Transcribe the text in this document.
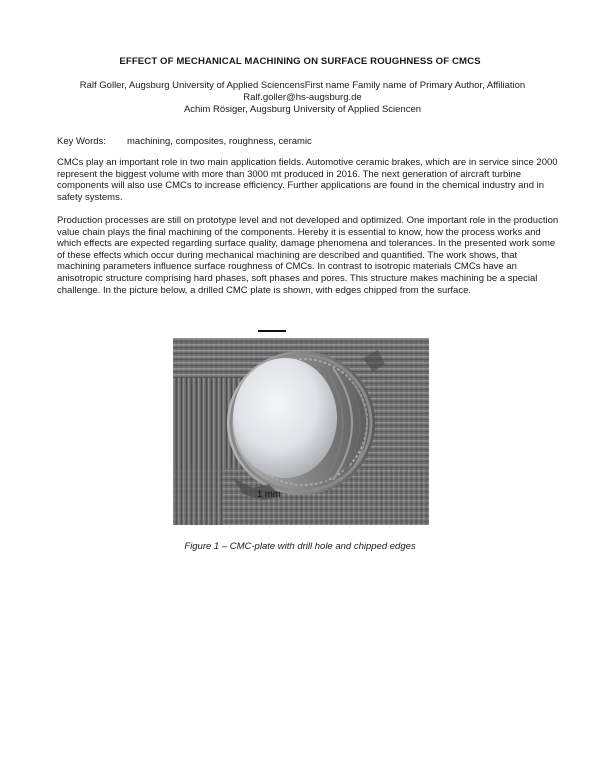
EFFECT OF MECHANICAL MACHINING ON SURFACE ROUGHNESS OF CMCS
Ralf Goller, Augsburg University of Applied SciencensFirst name Family name of Primary Author, Affiliation
Ralf.goller@hs-augsburg.de
Achim Rösiger, Augsburg University of Applied Sciencen
Key Words: machining, composites, roughness, ceramic

CMCs play an important role in two main application fields. Automotive ceramic brakes, which are in service since 2000 represent the biggest volume with more than 3000 mt produced in 2016. The next generation of aircraft turbine components will also use CMCs to increase efficiency. Further applications are found in the chemical industry and in safety systems.

Production processes are still on prototype level and not developed and optimized. One important role in the production value chain plays the final machining of the components. Hereby it is essential to know, how the process works and which effects are expected regarding surface quality, damage phenomena and tolerances. In the presented work some of these effects which occur during mechanical machining are described and quantified. The work shows, that machining parameters influence surface roughness of CMCs. In contrast to isotropic materials CMCs have an anisotropic structure comprising hard phases, soft phases and pores. This structure makes machining be a special challenge. In the picture below, a drilled CMC plate is shown, with edges chipped from the surface.

1 mm
Figure 1 – CMC-plate with drill hole and chipped edges
